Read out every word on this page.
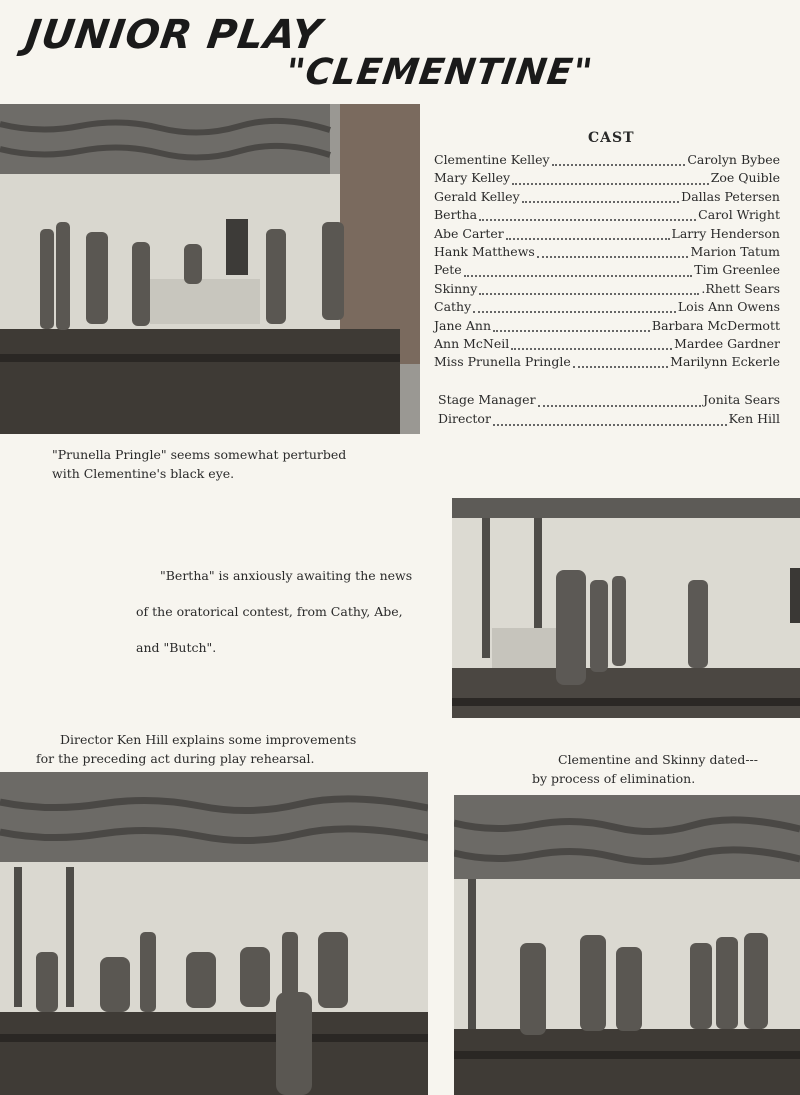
JUNIOR PLAY
"CLEMENTINE"
CAST
Clementine Kelley	Carolyn Bybee
Mary Kelley	Zoe Quible
Gerald Kelley	Dallas Petersen
Bertha	Carol Wright
Abe Carter	Larry Henderson
Hank Matthews	Marion Tatum
Pete	Tim Greenlee
Skinny	.Rhett Sears
Cathy	Lois Ann Owens
Jane Ann	Barbara McDermott
Ann McNeil	Mardee Gardner
Miss Prunella Pringle	Marilynn Eckerle
Stage Manager	Jonita Sears
Director	Ken Hill

"Prunella Pringle" seems somewhat perturbed
with Clementine's black eye.

"Bertha" is anxiously awaiting the news
of the oratorical contest, from Cathy, Abe,
and "Butch".

Director Ken Hill explains some improvements
for the preceding act during play rehearsal.	Clementine and Skinny dated---
by process of elimination.
